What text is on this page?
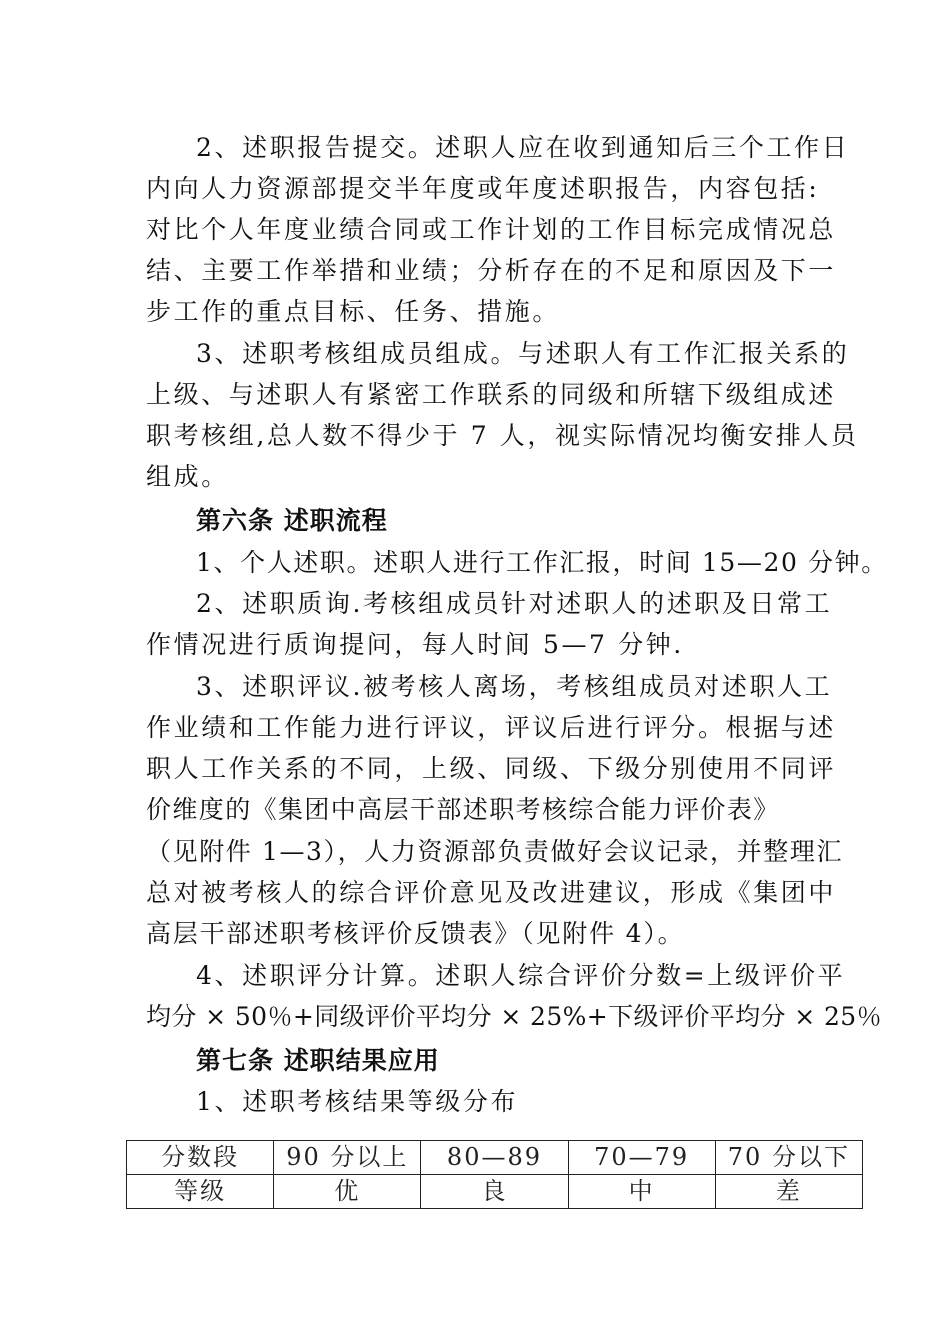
2、述职报告提交。述职人应在收到通知后三个工作日
内向人力资源部提交半年度或年度述职报告，内容包括:
对比个人年度业绩合同或工作计划的工作目标完成情况总
结、主要工作举措和业绩；分析存在的不足和原因及下一
步工作的重点目标、任务、措施。
3、述职考核组成员组成。与述职人有工作汇报关系的
上级、与述职人有紧密工作联系的同级和所辖下级组成述
职考核组,总人数不得少于 7 人，视实际情况均衡安排人员
组成。
第六条 述职流程
1、个人述职。述职人进行工作汇报，时间 15—20 分钟。
2、述职质询.考核组成员针对述职人的述职及日常工
作情况进行质询提问，每人时间 5—7 分钟.
3、述职评议.被考核人离场，考核组成员对述职人工
作业绩和工作能力进行评议，评议后进行评分。根据与述
职人工作关系的不同，上级、同级、下级分别使用不同评
价维度的《集团中高层干部述职考核综合能力评价表》
（见附件 1—3），人力资源部负责做好会议记录，并整理汇
总对被考核人的综合评价意见及改进建议，形成《集团中
高层干部述职考核评价反馈表》（见附件 4）。
4、述职评分计算。述职人综合评价分数=上级评价平
均分 × 50％+同级评价平均分 × 25%+下级评价平均分 × 25％
第七条 述职结果应用
1、述职考核结果等级分布
分数段	90 分以上	80—89	70—79	70 分以下
等级	优	良	中	差
